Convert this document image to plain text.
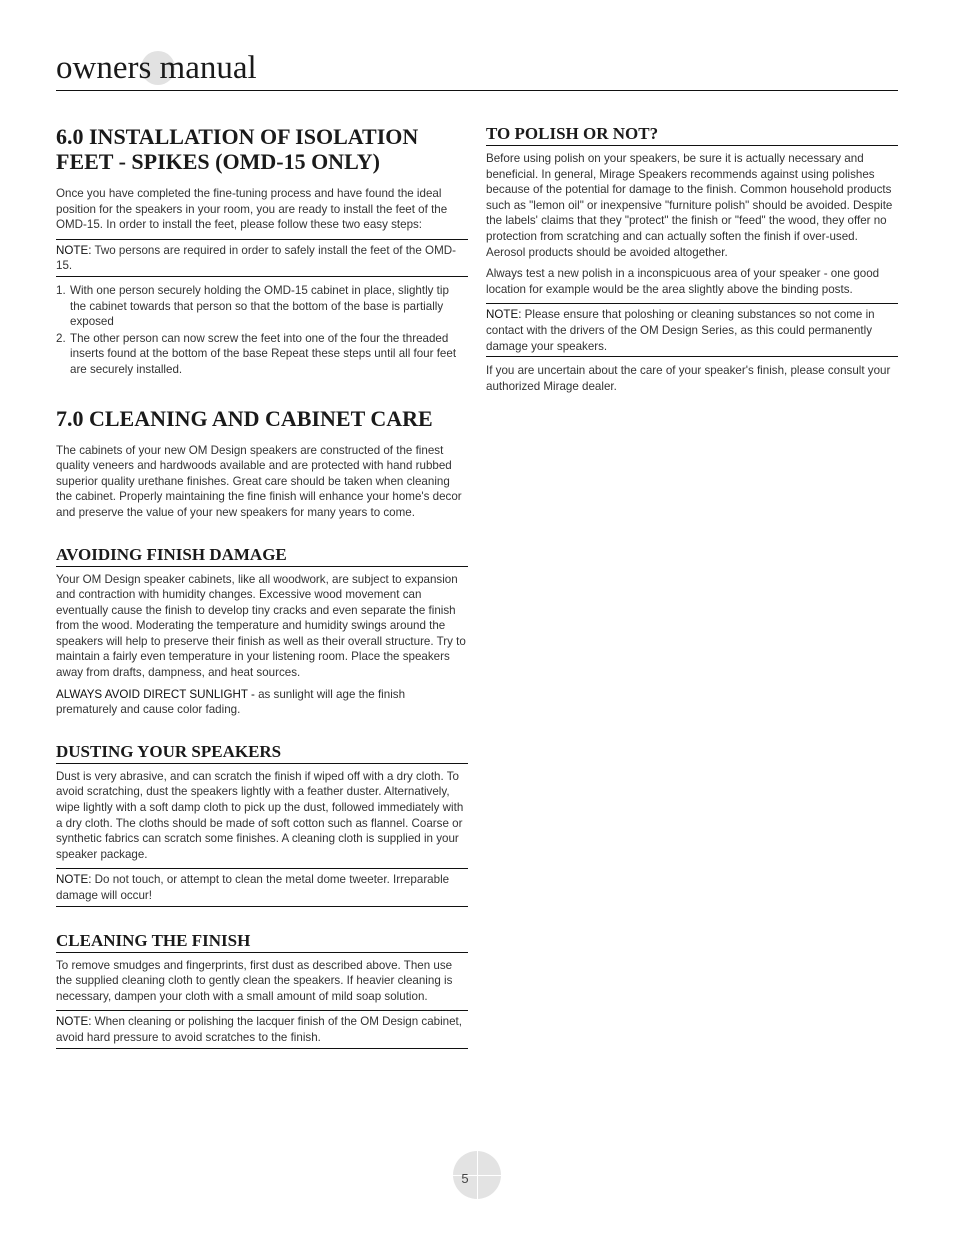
owners manual
6.0 INSTALLATION OF ISOLATION FEET - SPIKES (OMD-15 ONLY)

Once you have completed the fine-tuning process and have found the ideal position for the speakers in your room, you are ready to install the feet of the OMD-15. In order to install the feet, please follow these two easy steps:

NOTE: Two persons are required in order to safely install the feet of the OMD-15.

1. With one person securely holding the OMD-15 cabinet in place, slightly tip the cabinet towards that person so that the bottom of the base is partially exposed
2. The other person can now screw the feet into one of the four the threaded inserts found at the bottom of the base Repeat these steps until all four feet are securely installed.
7.0 CLEANING AND CABINET CARE

The cabinets of your new OM Design speakers are constructed of the finest quality veneers and hardwoods available and are protected with hand rubbed superior quality urethane finishes. Great care should be taken when cleaning the cabinet. Properly maintaining the fine finish will enhance your home's decor and preserve the value of your new speakers for many years to come.

AVOIDING FINISH DAMAGE

Your OM Design speaker cabinets, like all woodwork, are subject to expansion and contraction with humidity changes. Excessive wood movement can eventually cause the finish to develop tiny cracks and even separate the finish from the wood. Moderating the temperature and humidity swings around the speakers will help to preserve their finish as well as their overall structure. Try to maintain a fairly even temperature in your listening room. Place the speakers away from drafts, dampness, and heat sources.

ALWAYS AVOID DIRECT SUNLIGHT - as sunlight will age the finish prematurely and cause color fading.

DUSTING YOUR SPEAKERS

Dust is very abrasive, and can scratch the finish if wiped off with a dry cloth. To avoid scratching, dust the speakers lightly with a feather duster. Alternatively, wipe lightly with a soft damp cloth to pick up the dust, followed immediately with a dry cloth. The cloths should be made of soft cotton such as flannel. Coarse or synthetic fabrics can scratch some finishes. A cleaning cloth is supplied in your speaker package.

NOTE: Do not touch, or attempt to clean the metal dome tweeter. Irreparable damage will occur!

CLEANING THE FINISH

To remove smudges and fingerprints, first dust as described above. Then use the supplied cleaning cloth to gently clean the speakers. If heavier cleaning is necessary, dampen your cloth with a small amount of mild soap solution.

NOTE: When cleaning or polishing the lacquer finish of the OM Design cabinet, avoid hard pressure to avoid scratches to the finish.

TO POLISH OR NOT?

Before using polish on your speakers, be sure it is actually necessary and beneficial. In general, Mirage Speakers recommends against using polishes because of the potential for damage to the finish. Common household products such as "lemon oil" or inexpensive "furniture polish" should be avoided. Despite the labels' claims that they "protect" the finish or "feed" the wood, they offer no protection from scratching and can actually soften the finish if over-used. Aerosol products should be avoided altogether.

Always test a new polish in a inconspicuous area of your speaker - one good location for example would be the area slightly above the binding posts.

NOTE: Please ensure that poloshing or cleaning substances so not come in contact with the drivers of the OM Design Series, as this could permanently damage your speakers.

If you are uncertain about the care of your speaker's finish, please consult your authorized Mirage dealer.

5
